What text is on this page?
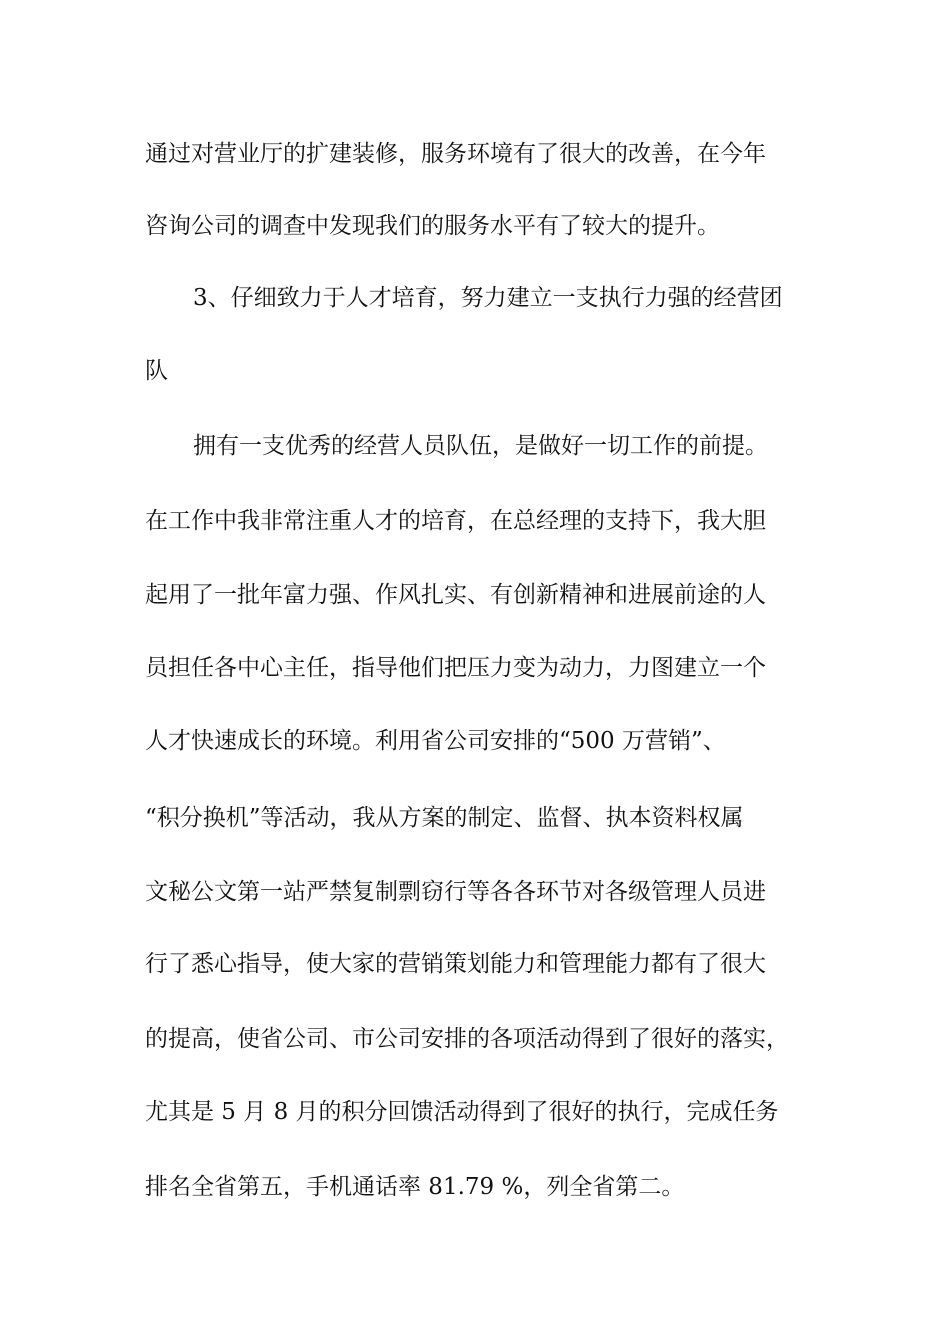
通过对营业厅的扩建装修，服务环境有了很大的改善，在今年
咨询公司的调查中发现我们的服务水平有了较大的提升。
3、仔细致力于人才培育，努力建立一支执行力强的经营团
队
拥有一支优秀的经营人员队伍，是做好一切工作的前提。
在工作中我非常注重人才的培育，在总经理的支持下，我大胆
起用了一批年富力强、作风扎实、有创新精神和进展前途的人
员担任各中心主任，指导他们把压力变为动力，力图建立一个
人才快速成长的环境。利用省公司安排的“500 万营销”、
“积分换机”等活动，我从方案的制定、监督、执本资料权属
文秘公文第一站严禁复制剽窃行等各各环节对各级管理人员进
行了悉心指导，使大家的营销策划能力和管理能力都有了很大
的提高，使省公司、市公司安排的各项活动得到了很好的落实，
尤其是 5 月 8 月的积分回馈活动得到了很好的执行，完成任务
排名全省第五，手机通话率 81.79 %，列全省第二。
